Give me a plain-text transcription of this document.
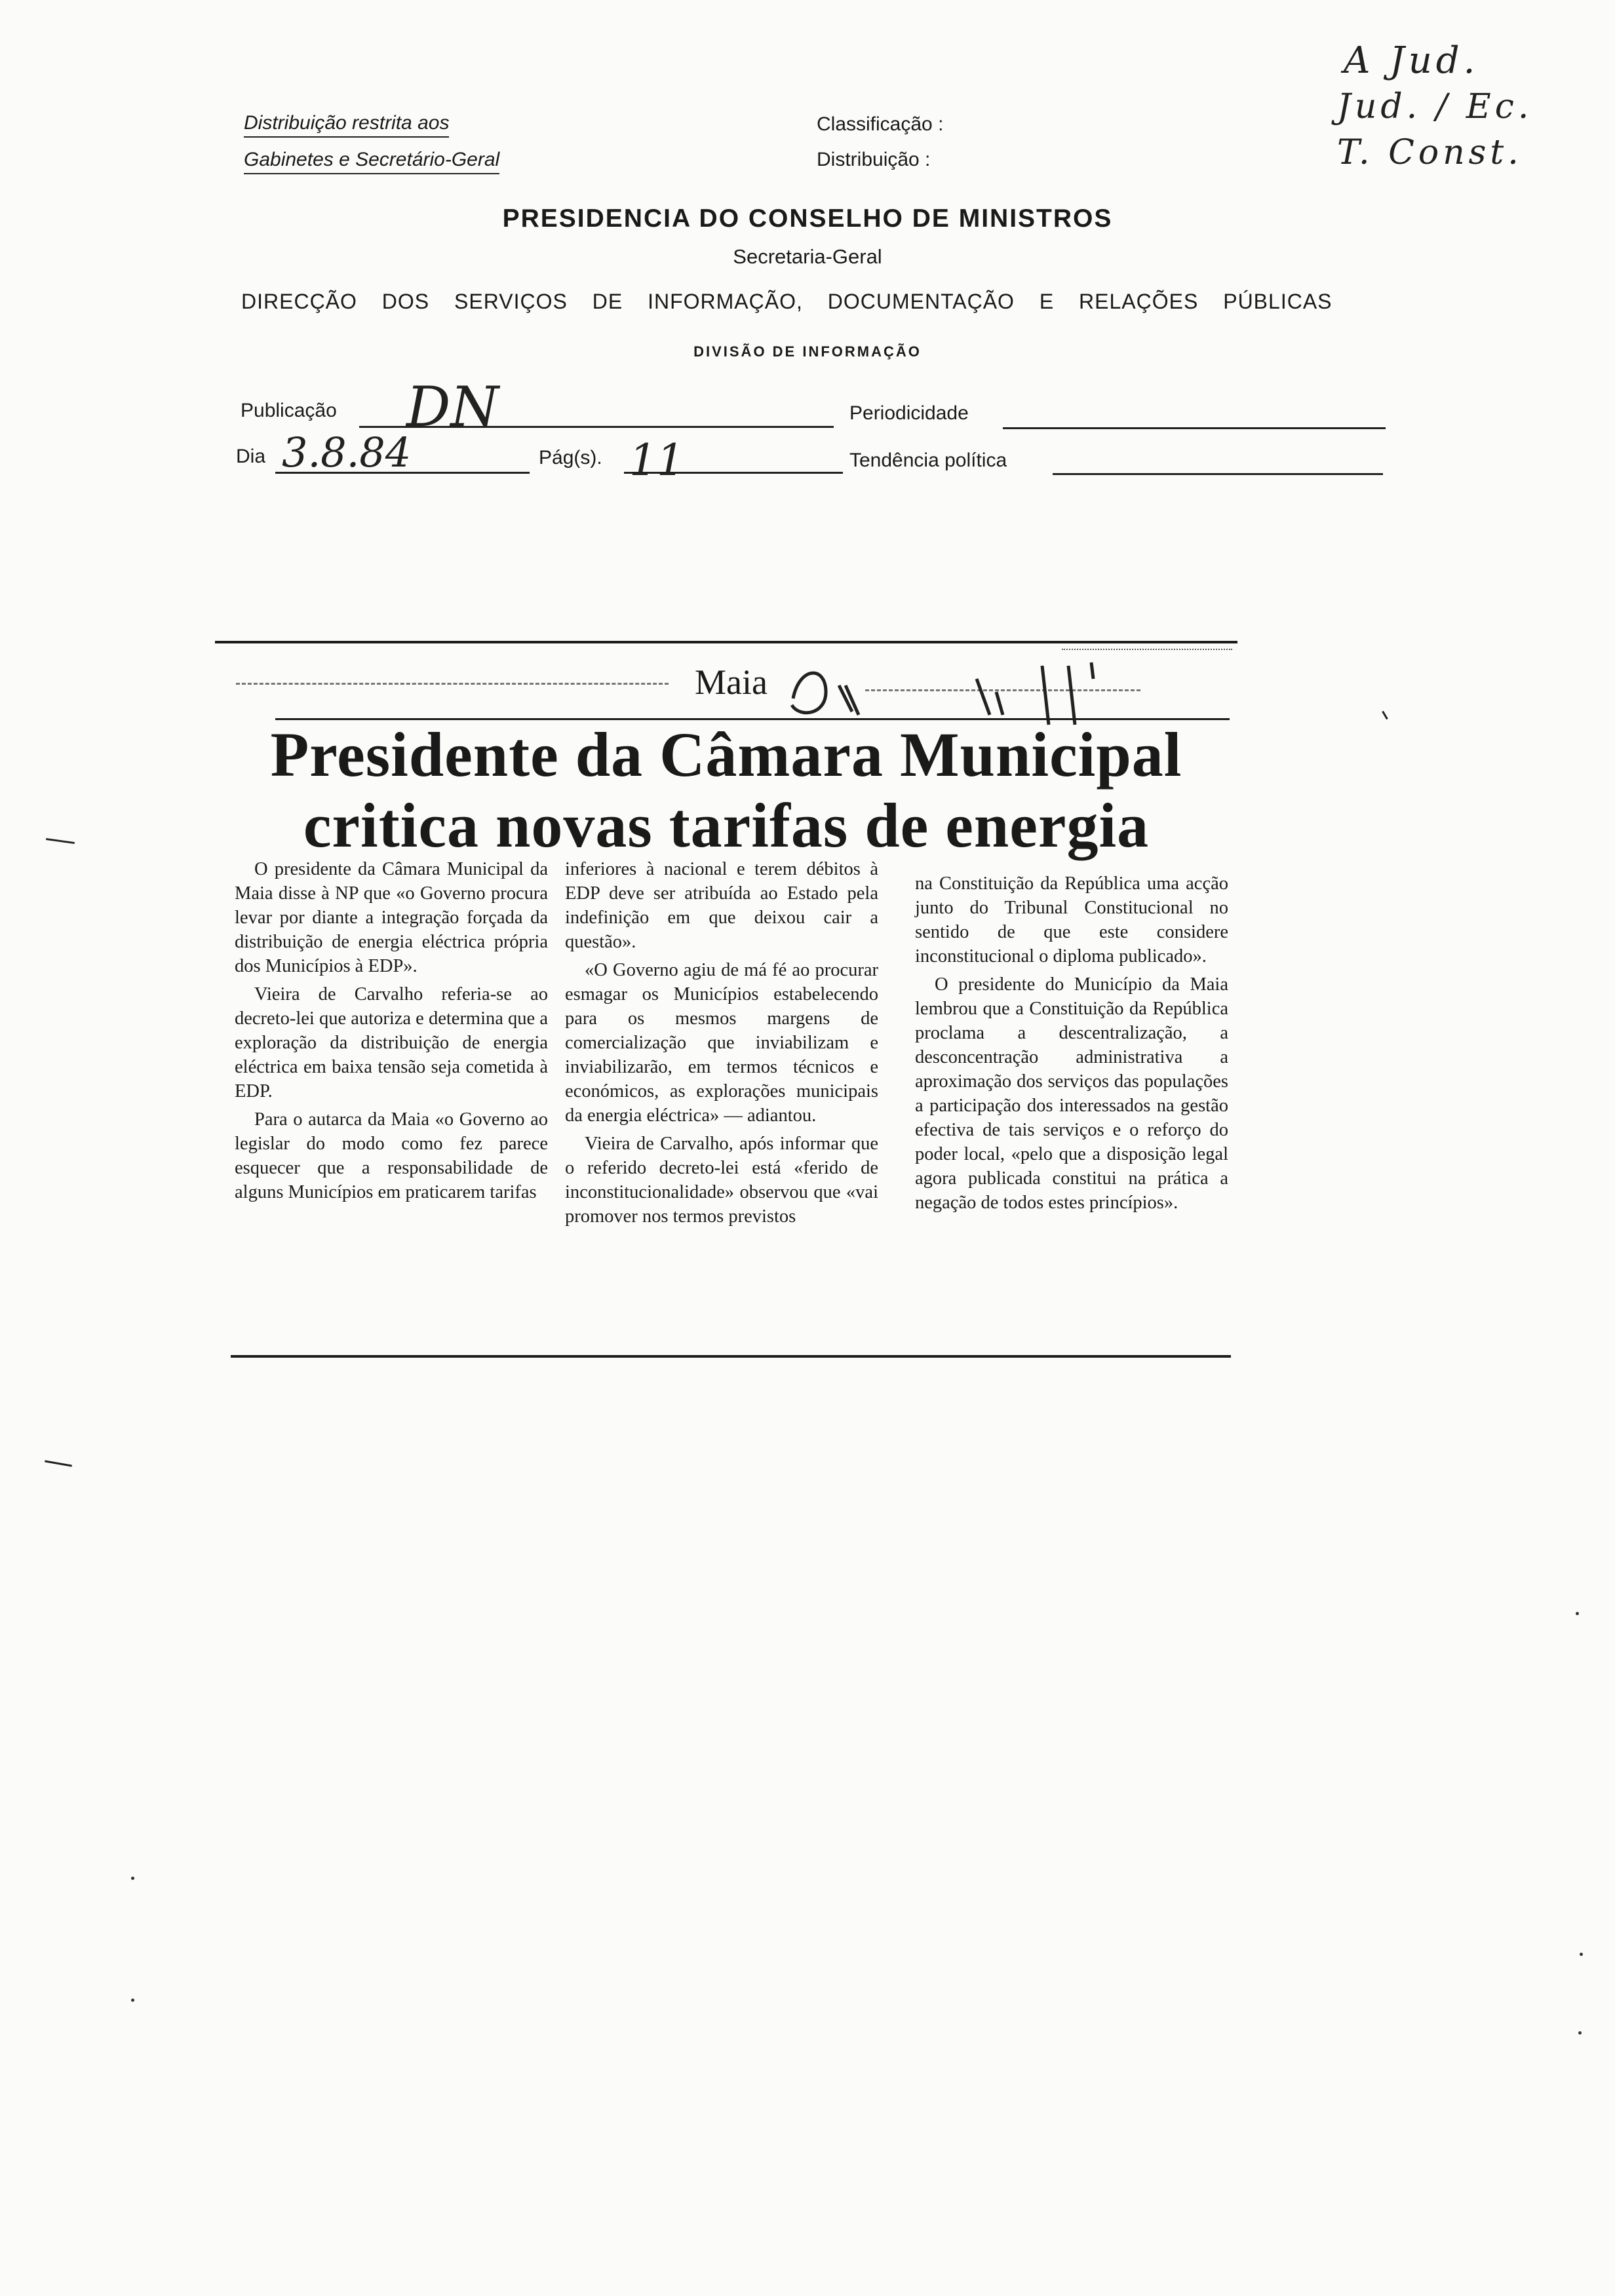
Distribuição restrita aos
Gabinetes e Secretário-Geral
Classificação :
Distribuição :
A Jud.
Jud. / Ec.
T. Const.
PRESIDENCIA DO CONSELHO DE MINISTROS
Secretaria-Geral
DIRECÇÃO DOS SERVIÇOS DE INFORMAÇÃO, DOCUMENTAÇÃO E RELAÇÕES PÚBLICAS
DIVISÃO DE INFORMAÇÃO
Publicação DN	Periodicidade
Dia 3.8.84	Pág(s). 11	Tendência política
Maia
Presidente da Câmara Municipal
critica novas tarifas de energia

O presidente da Câmara Municipal da Maia disse à NP que «o Governo procura levar por diante a integração forçada da distribuição de energia eléctrica própria dos Municípios à EDP».

Vieira de Carvalho referia-se ao decreto-lei que autoriza e determina que a exploração da distribuição de energia eléctrica em baixa tensão seja cometida à EDP.

Para o autarca da Maia «o Governo ao legislar do modo como fez parece esquecer que a responsabilidade de alguns Municípios em praticarem tarifas

inferiores à nacional e terem débitos à EDP deve ser atribuída ao Estado pela indefinição em que deixou cair a questão».

«O Governo agiu de má fé ao procurar esmagar os Municípios estabelecendo para os mesmos margens de comercialização que inviabilizam e inviabilizarão, em termos técnicos e económicos, as explorações municipais da energia eléctrica» — adiantou.

Vieira de Carvalho, após informar que o referido decreto-lei está «ferido de inconstitucionalidade» observou que «vai promover nos termos previstos

na Constituição da República uma acção junto do Tribunal Constitucional no sentido de que este considere inconstitucional o diploma publicado».

O presidente do Município da Maia lembrou que a Constituição da República proclama a descentralização, a desconcentração administrativa a aproximação dos serviços das populações a participação dos interessados na gestão efectiva de tais serviços e o reforço do poder local, «pelo que a disposição legal agora publicada constitui na prática a negação de todos estes princípios».
